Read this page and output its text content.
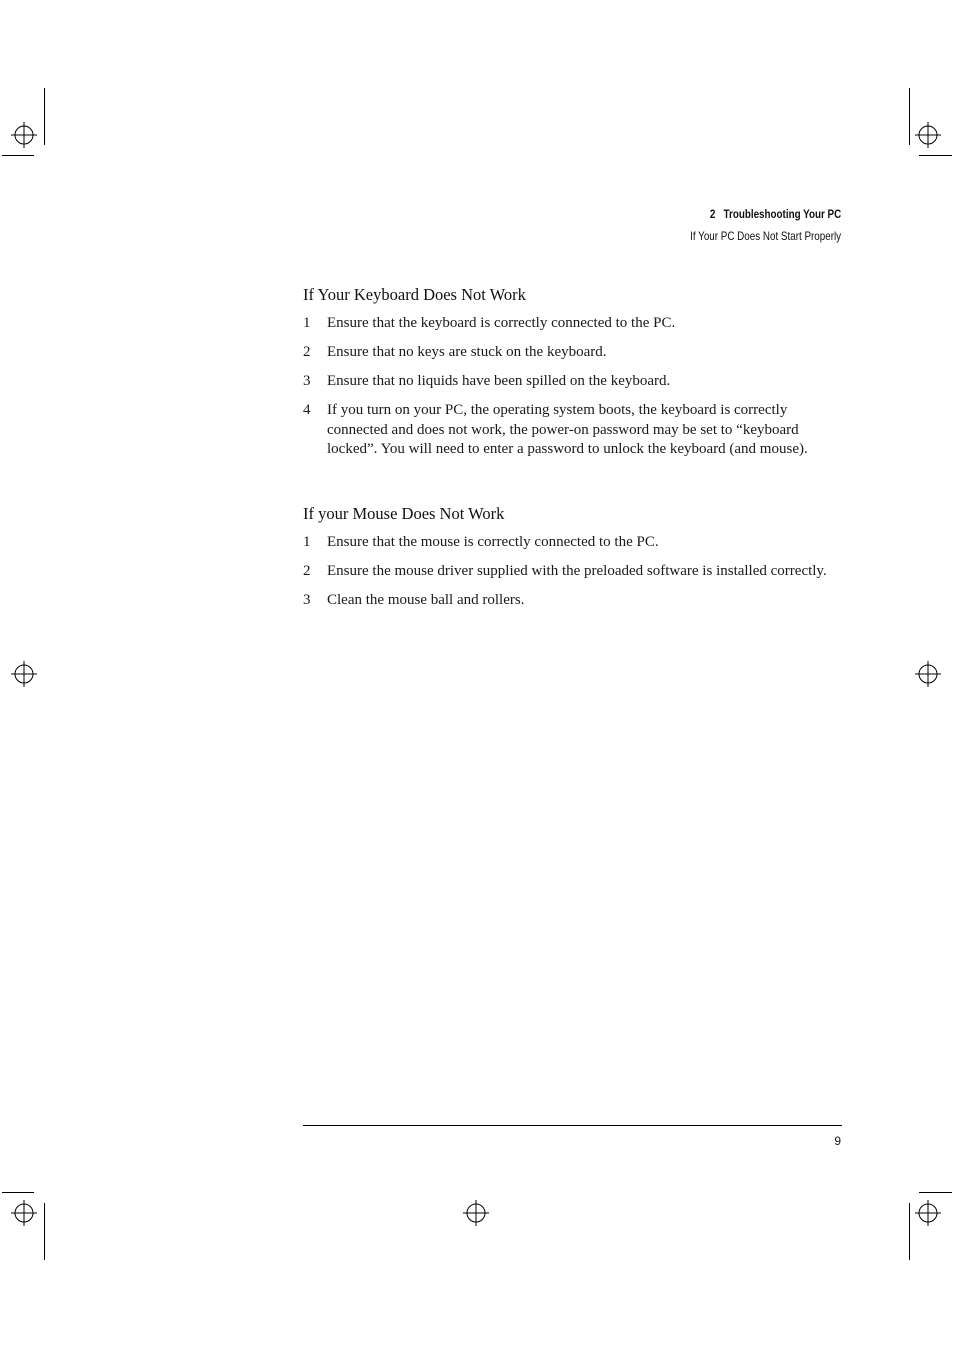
2   Troubleshooting Your PC
If Your PC Does Not Start Properly
If Your Keyboard Does Not Work
1 Ensure that the keyboard is correctly connected to the PC.
2 Ensure that no keys are stuck on the keyboard.
3 Ensure that no liquids have been spilled on the keyboard.
4 If you turn on your PC, the operating system boots, the keyboard is correctly connected and does not work, the power-on password may be set to “keyboard locked”. You will need to enter a password to unlock the keyboard (and mouse).
If your Mouse Does Not Work
1 Ensure that the mouse is correctly connected to the PC.
2 Ensure the mouse driver supplied with the preloaded software is installed correctly.
3 Clean the mouse ball and rollers.
9
